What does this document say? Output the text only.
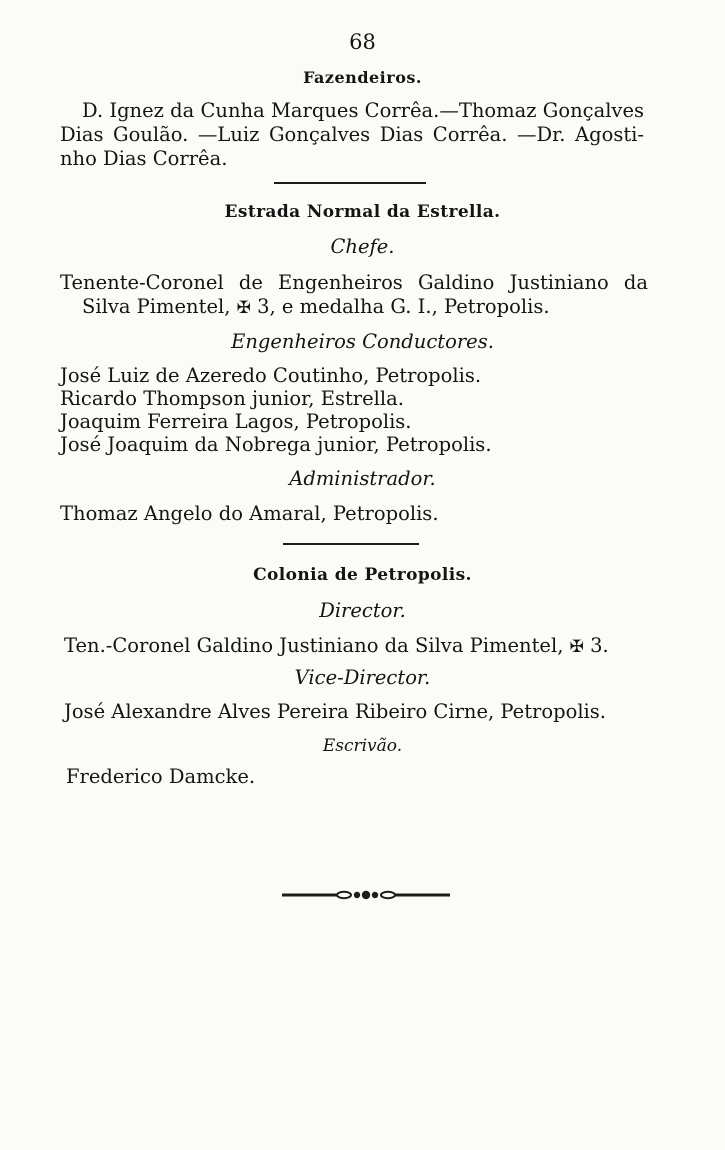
68
Fazendeiros.
D. Ignez da Cunha Marques Corrêa.—Thomaz Gonçalves
Dias Goulão. —Luiz Gonçalves Dias Corrêa. —Dr. Agosti-
nho Dias Corrêa.
Estrada Normal da Estrella.
Chefe.
Tenente-Coronel de Engenheiros Galdino Justiniano da
Silva Pimentel, ✠ 3, e medalha G. I., Petropolis.
Engenheiros Conductores.
José Luiz de Azeredo Coutinho, Petropolis.
Ricardo Thompson junior, Estrella.
Joaquim Ferreira Lagos, Petropolis.
José Joaquim da Nobrega junior, Petropolis.
Administrador.
Thomaz Angelo do Amaral, Petropolis.
Colonia de Petropolis.
Director.
Ten.-Coronel Galdino Justiniano da Silva Pimentel, ✠ 3.
Vice-Director.
José Alexandre Alves Pereira Ribeiro Cirne, Petropolis.
Escrivão.
Frederico Damcke.
